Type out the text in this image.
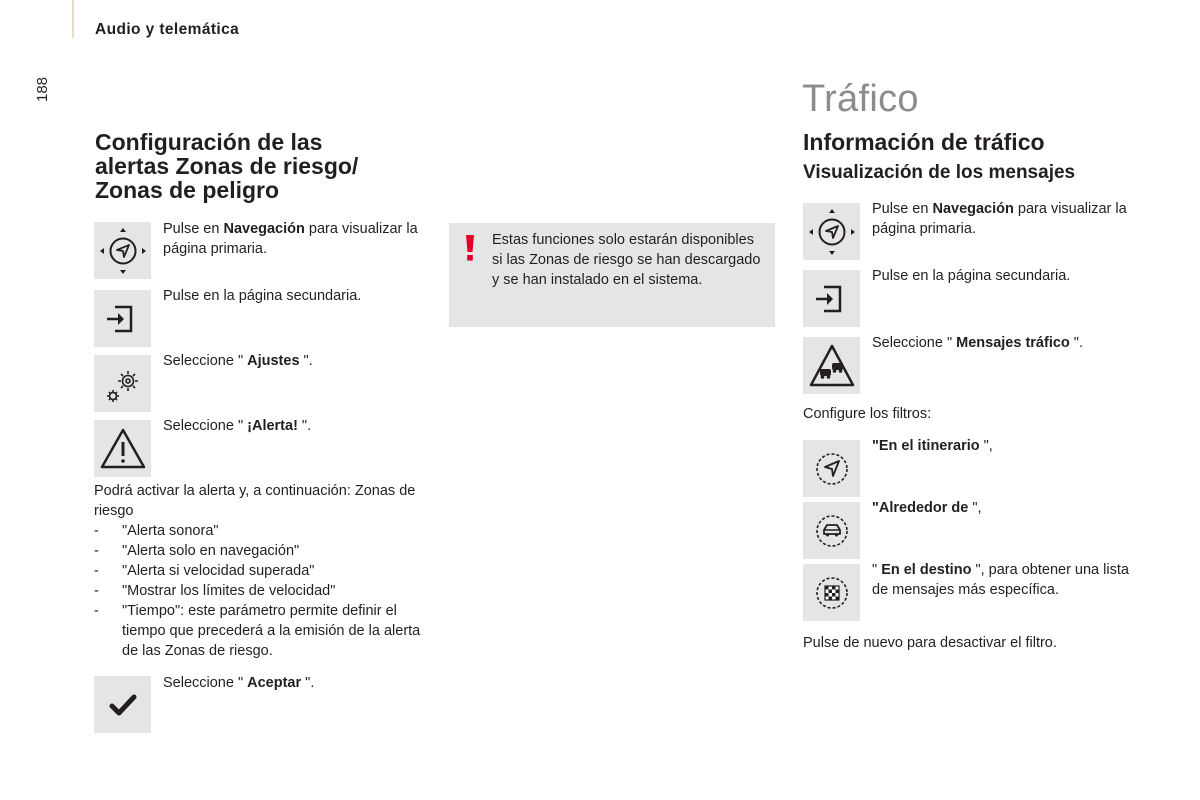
Audio y telemática
188
Configuración de las
alertas Zonas de riesgo/
Zonas de peligro
Pulse en Navegación para visualizar la página primaria.
Pulse en la página secundaria.
Seleccione " Ajustes ".
Seleccione " ¡Alerta! ".
Podrá activar la alerta y, a continuación: Zonas de riesgo
- "Alerta sonora"
- "Alerta solo en navegación"
- "Alerta si velocidad superada"
- "Mostrar los límites de velocidad"
- "Tiempo": este parámetro permite definir el tiempo que precederá a la emisión de la alerta de las Zonas de riesgo.
Seleccione " Aceptar ".
Estas funciones solo estarán disponibles si las Zonas de riesgo se han descargado y se han instalado en el sistema.
Tráfico
Información de tráfico
Visualización de los mensajes
Pulse en Navegación para visualizar la página primaria.
Pulse en la página secundaria.
Seleccione " Mensajes tráfico ".
Configure los filtros:
"En el itinerario ",
"Alrededor de ",
" En el destino ", para obtener una lista de mensajes más específica.
Pulse de nuevo para desactivar el filtro.
